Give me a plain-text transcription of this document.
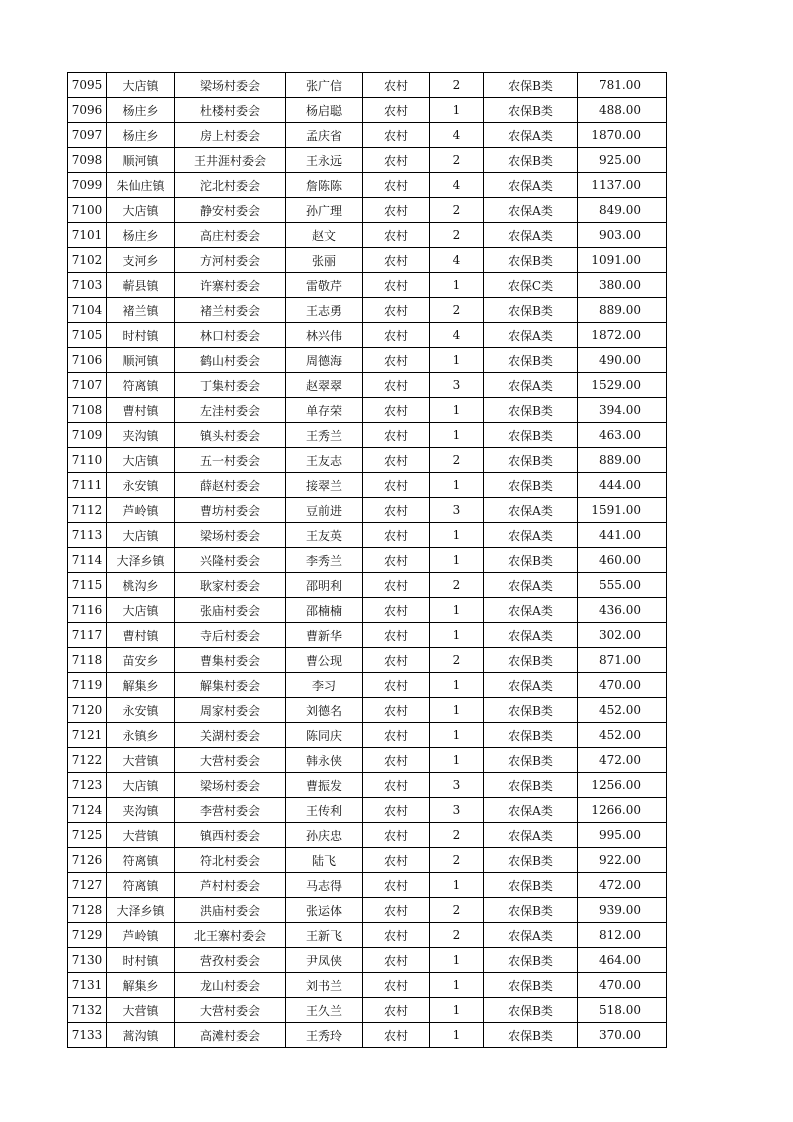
7095	大店镇	梁场村委会	张广信	农村	2	农保B类	781.00
7096	杨庄乡	杜楼村委会	杨启聪	农村	1	农保B类	488.00
7097	杨庄乡	房上村委会	孟庆省	农村	4	农保A类	1870.00
7098	顺河镇	王井涯村委会	王永远	农村	2	农保B类	925.00
7099	朱仙庄镇	沱北村委会	詹陈陈	农村	4	农保A类	1137.00
7100	大店镇	静安村委会	孙广理	农村	2	农保A类	849.00
7101	杨庄乡	高庄村委会	赵文	农村	2	农保A类	903.00
7102	支河乡	方河村委会	张丽	农村	4	农保B类	1091.00
7103	蕲县镇	许寨村委会	雷敬芹	农村	1	农保C类	380.00
7104	褚兰镇	褚兰村委会	王志勇	农村	2	农保B类	889.00
7105	时村镇	林口村委会	林兴伟	农村	4	农保A类	1872.00
7106	顺河镇	鹤山村委会	周德海	农村	1	农保B类	490.00
7107	符离镇	丁集村委会	赵翠翠	农村	3	农保A类	1529.00
7108	曹村镇	左洼村委会	单存荣	农村	1	农保B类	394.00
7109	夹沟镇	镇头村委会	王秀兰	农村	1	农保B类	463.00
7110	大店镇	五一村委会	王友志	农村	2	农保B类	889.00
7111	永安镇	薛赵村委会	接翠兰	农村	1	农保B类	444.00
7112	芦岭镇	曹坊村委会	豆前进	农村	3	农保A类	1591.00
7113	大店镇	梁场村委会	王友英	农村	1	农保A类	441.00
7114	大泽乡镇	兴隆村委会	李秀兰	农村	1	农保B类	460.00
7115	桃沟乡	耿家村委会	邵明利	农村	2	农保A类	555.00
7116	大店镇	张庙村委会	邵楠楠	农村	1	农保A类	436.00
7117	曹村镇	寺后村委会	曹新华	农村	1	农保A类	302.00
7118	苗安乡	曹集村委会	曹公现	农村	2	农保B类	871.00
7119	解集乡	解集村委会	李习	农村	1	农保A类	470.00
7120	永安镇	周家村委会	刘德名	农村	1	农保B类	452.00
7121	永镇乡	关湖村委会	陈同庆	农村	1	农保B类	452.00
7122	大营镇	大营村委会	韩永侠	农村	1	农保B类	472.00
7123	大店镇	梁场村委会	曹振发	农村	3	农保B类	1256.00
7124	夹沟镇	李营村委会	王传利	农村	3	农保A类	1266.00
7125	大营镇	镇西村委会	孙庆忠	农村	2	农保A类	995.00
7126	符离镇	符北村委会	陆飞	农村	2	农保B类	922.00
7127	符离镇	芦村村委会	马志得	农村	1	农保B类	472.00
7128	大泽乡镇	洪庙村委会	张运体	农村	2	农保B类	939.00
7129	芦岭镇	北王寨村委会	王新飞	农村	2	农保A类	812.00
7130	时村镇	营孜村委会	尹凤侠	农村	1	农保B类	464.00
7131	解集乡	龙山村委会	刘书兰	农村	1	农保B类	470.00
7132	大营镇	大营村委会	王久兰	农村	1	农保B类	518.00
7133	蒿沟镇	高滩村委会	王秀玲	农村	1	农保B类	370.00
